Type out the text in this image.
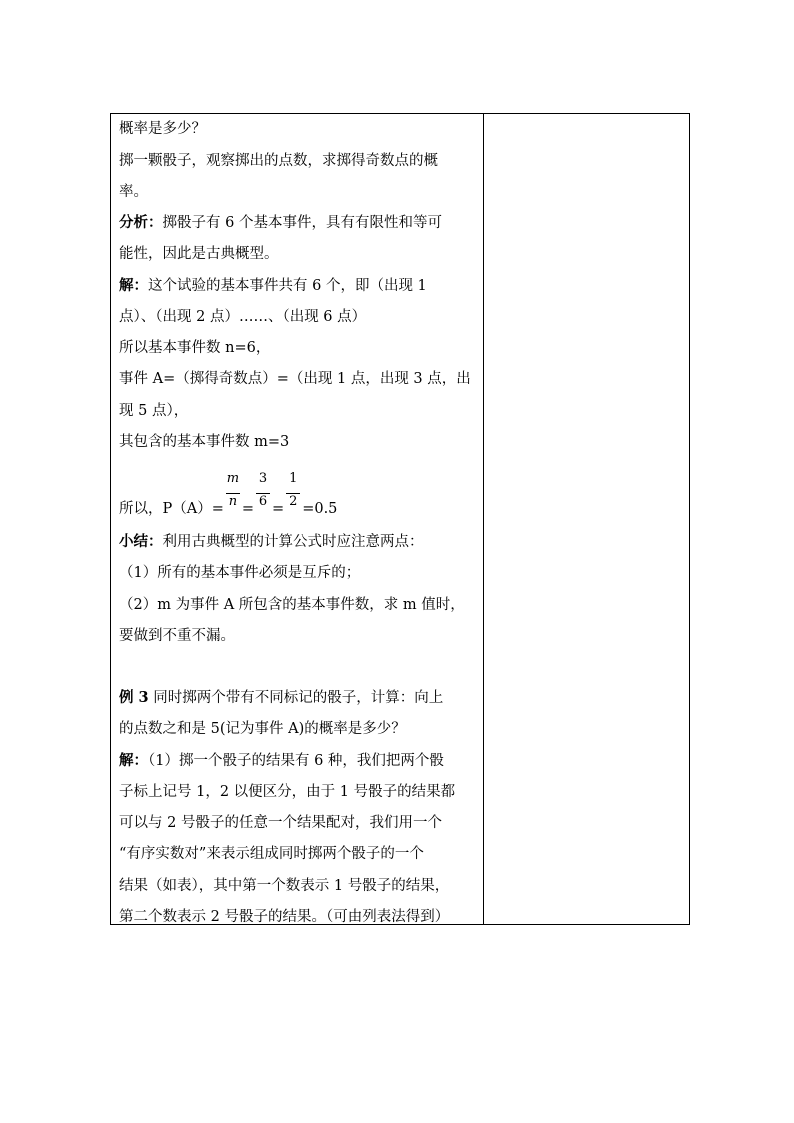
概率是多少？
掷一颗骰子，观察掷出的点数，求掷得奇数点的概
率。
分析：掷骰子有 6 个基本事件，具有有限性和等可
能性，因此是古典概型。
解：这个试验的基本事件共有 6 个，即（出现 1
点）、（出现 2 点）……、（出现 6 点）
所以基本事件数 n=6，
事件 A=（掷得奇数点）=（出现 1 点，出现 3 点，出
现 5 点），
其包含的基本事件数 m=3
所以，$P(A)= \frac{m}{n} = \frac{3}{6} = \frac{1}{2} =0.5$
小结：利用古典概型的计算公式时应注意两点：
（1）所有的基本事件必须是互斥的；
（2）m 为事件 A 所包含的基本事件数，求 m 值时，
要做到不重不漏。
例 3 同时掷两个带有不同标记的骰子，计算：向上
的点数之和是 5(记为事件 A)的概率是多少？
解：（1）掷一个骰子的结果有 6 种，我们把两个骰
子标上记号 1，2 以便区分，由于 1 号骰子的结果都
可以与 2 号骰子的任意一个结果配对，我们用一个
“有序实数对”来表示组成同时掷两个骰子的一个
结果（如表），其中第一个数表示 1 号骰子的结果，
第二个数表示 2 号骰子的结果。（可由列表法得到）
